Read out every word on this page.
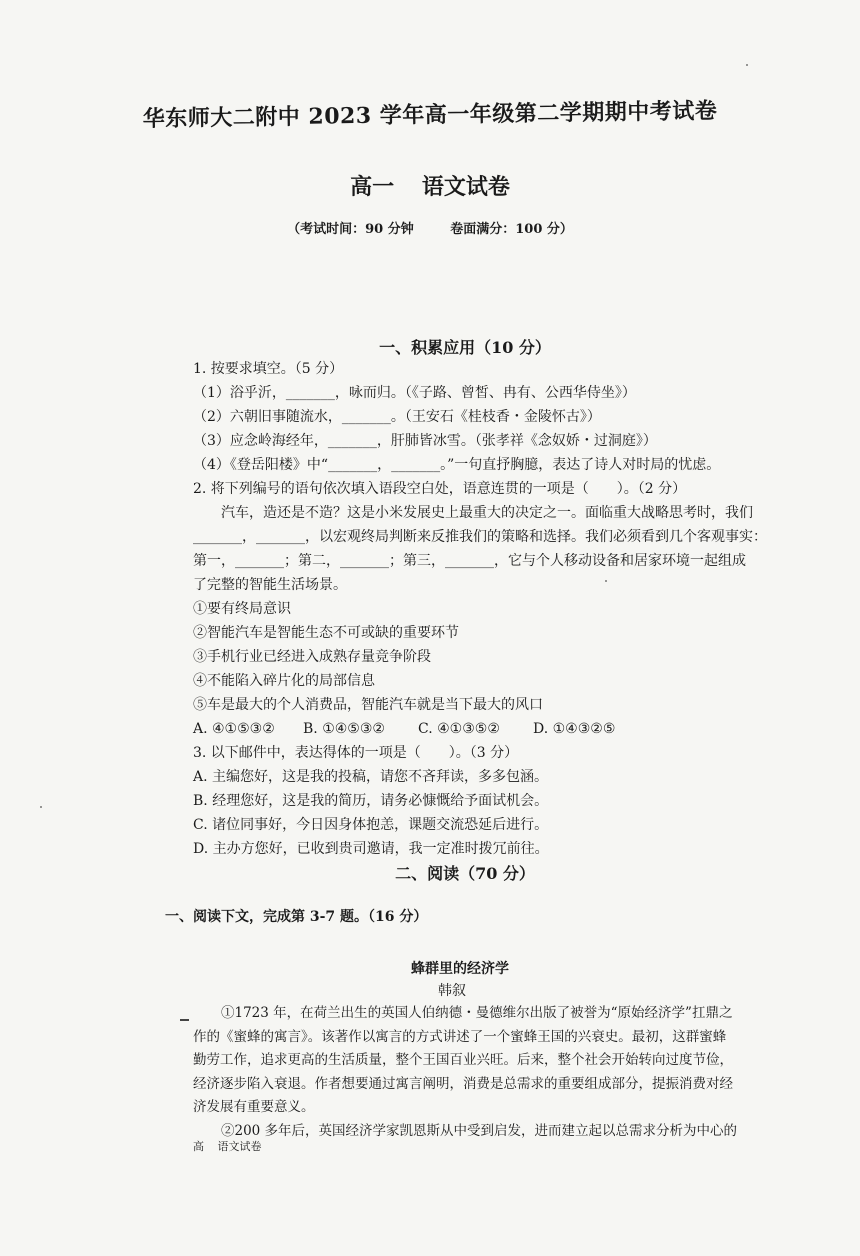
华东师大二附中 2023 学年高一年级第二学期期中考试卷
高一 语文试卷
（考试时间：90 分钟	卷面满分：100 分）
一、积累应用（10 分）
1. 按要求填空。（5 分）
（1）浴乎沂，_______，咏而归。（《子路、曾皙、冉有、公西华侍坐》）
（2）六朝旧事随流水，_______。（王安石《桂枝香・金陵怀古》）
（3）应念岭海经年，_______，肝肺皆冰雪。（张孝祥《念奴娇・过洞庭》）
（4）《登岳阳楼》中“_______，_______。”一句直抒胸臆，表达了诗人对时局的忧虑。
2. 将下列编号的语句依次填入语段空白处，语意连贯的一项是（　　）。（2 分）
汽车，造还是不造？这是小米发展史上最重大的决定之一。面临重大战略思考时，我们
_______，_______，以宏观终局判断来反推我们的策略和选择。我们必须看到几个客观事实：
第一，_______；第二，_______；第三，_______，它与个人移动设备和居家环境一起组成
了完整的智能生活场景。
①要有终局意识
②智能汽车是智能生态不可或缺的重要环节
③手机行业已经进入成熟存量竞争阶段
④不能陷入碎片化的局部信息
⑤车是最大的个人消费品，智能汽车就是当下最大的风口
A. ④①⑤③② B. ①④⑤③② C. ④①③⑤② D. ①④③②⑤
3. 以下邮件中，表达得体的一项是（　　）。（3 分）
A. 主编您好，这是我的投稿，请您不吝拜读，多多包涵。
B. 经理您好，这是我的简历，请务必慷慨给予面试机会。
C. 诸位同事好，今日因身体抱恙，课题交流恐延后进行。
D. 主办方您好，已收到贵司邀请，我一定准时拨冗前往。
二、阅读（70 分）
一、阅读下文，完成第 3-7 题。（16 分）
蜂群里的经济学
韩叙
①1723 年，在荷兰出生的英国人伯纳德・曼德维尔出版了被誉为“原始经济学”扛鼎之
作的《蜜蜂的寓言》。该著作以寓言的方式讲述了一个蜜蜂王国的兴衰史。最初，这群蜜蜂
勤劳工作，追求更高的生活质量，整个王国百业兴旺。后来，整个社会开始转向过度节俭，
经济逐步陷入衰退。作者想要通过寓言阐明，消费是总需求的重要组成部分，提振消费对经
济发展有重要意义。
②200 多年后，英国经济学家凯恩斯从中受到启发，进而建立起以总需求分析为中心的
高 语文试卷
